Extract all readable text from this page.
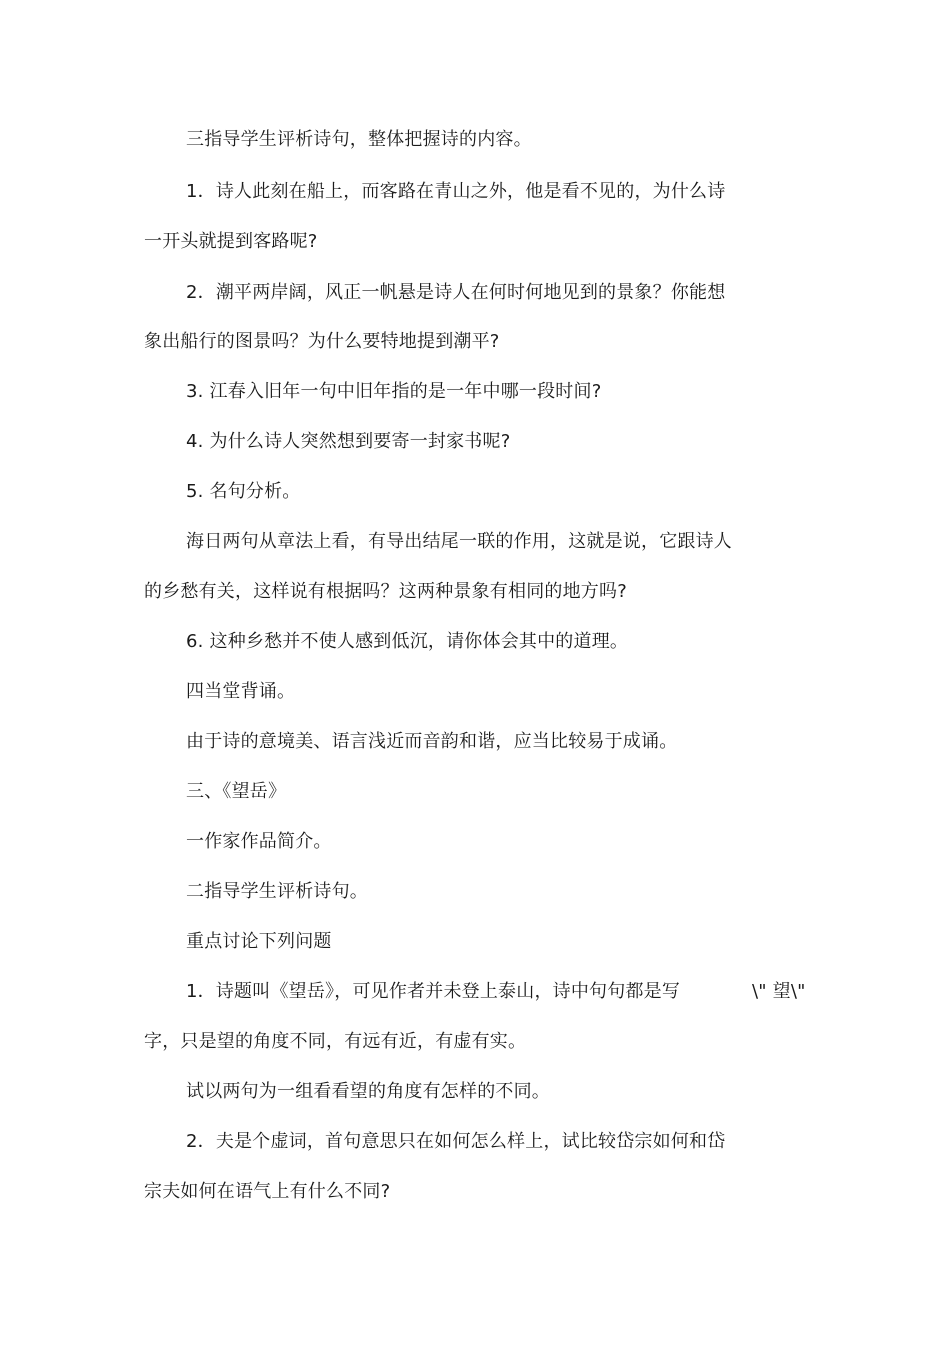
三指导学生评析诗句，整体把握诗的内容。

1．诗人此刻在船上，而客路在青山之外，他是看不见的，为什么诗

一开头就提到客路呢?

2．潮平两岸阔，风正一帆悬是诗人在何时何地见到的景象？你能想

象出船行的图景吗？为什么要特地提到潮平?

3. 江春入旧年一句中旧年指的是一年中哪一段时间?

4. 为什么诗人突然想到要寄一封家书呢?

5. 名句分析。

海日两句从章法上看，有导出结尾一联的作用，这就是说，它跟诗人

的乡愁有关，这样说有根据吗？这两种景象有相同的地方吗?

6. 这种乡愁并不使人感到低沉，请你体会其中的道理。

四当堂背诵。

由于诗的意境美、语言浅近而音韵和谐，应当比较易于成诵。

三、《望岳》

一作家作品简介。

二指导学生评析诗句。

重点讨论下列问题

1．诗题叫《望岳》，可见作者并未登上泰山，诗中句句都是写	\" 望\"

字，只是望的角度不同，有远有近，有虚有实。

试以两句为一组看看望的角度有怎样的不同。

2．夫是个虚词，首句意思只在如何怎么样上，试比较岱宗如何和岱

宗夫如何在语气上有什么不同?
